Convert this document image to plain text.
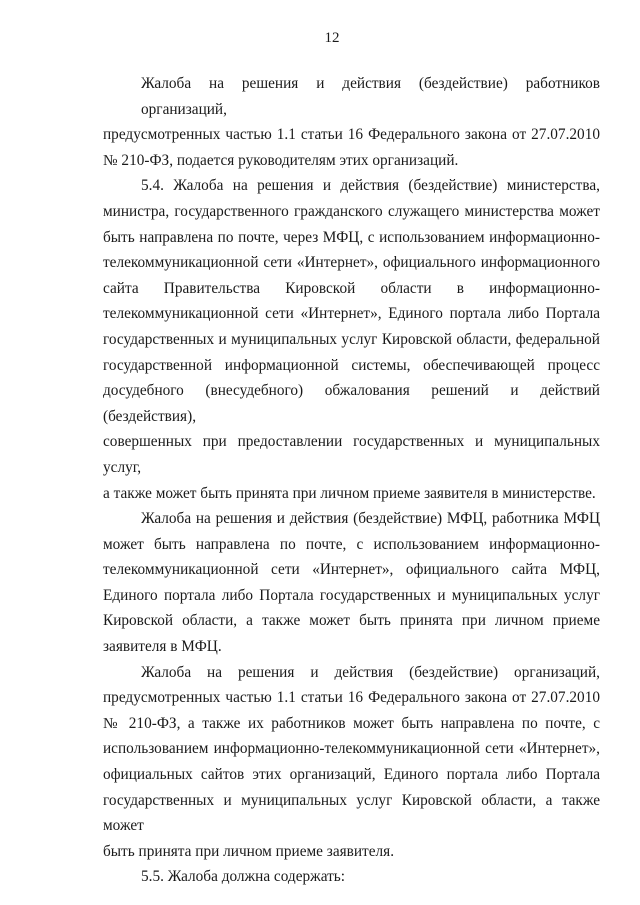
12

Жалоба на решения и действия (бездействие) работников организаций,
предусмотренных частью 1.1 статьи 16 Федерального закона от 27.07.2010
№ 210-ФЗ, подается руководителям этих организаций.

5.4. Жалоба на решения и действия (бездействие) министерства,
министра, государственного гражданского служащего министерства может
быть направлена по почте, через МФЦ, с использованием информационно-
телекоммуникационной сети «Интернет», официального информационного
сайта Правительства Кировской области в информационно-
телекоммуникационной сети «Интернет», Единого портала либо Портала
государственных и муниципальных услуг Кировской области, федеральной
государственной информационной системы, обеспечивающей процесс
досудебного (внесудебного) обжалования решений и действий (бездействия),
совершенных при предоставлении государственных и муниципальных услуг,
а также может быть принята при личном приеме заявителя в министерстве.

Жалоба на решения и действия (бездействие) МФЦ, работника МФЦ
может быть направлена по почте, с использованием информационно-
телекоммуникационной сети «Интернет», официального сайта МФЦ,
Единого портала либо Портала государственных и муниципальных услуг
Кировской области, а также может быть принята при личном приеме
заявителя в МФЦ.

Жалоба на решения и действия (бездействие) организаций,
предусмотренных частью 1.1 статьи 16 Федерального закона от 27.07.2010
№ 210-ФЗ, а также их работников может быть направлена по почте, с
использованием информационно-телекоммуникационной сети «Интернет»,
официальных сайтов этих организаций, Единого портала либо Портала
государственных и муниципальных услуг Кировской области, а также может
быть принята при личном приеме заявителя.

5.5. Жалоба должна содержать:
